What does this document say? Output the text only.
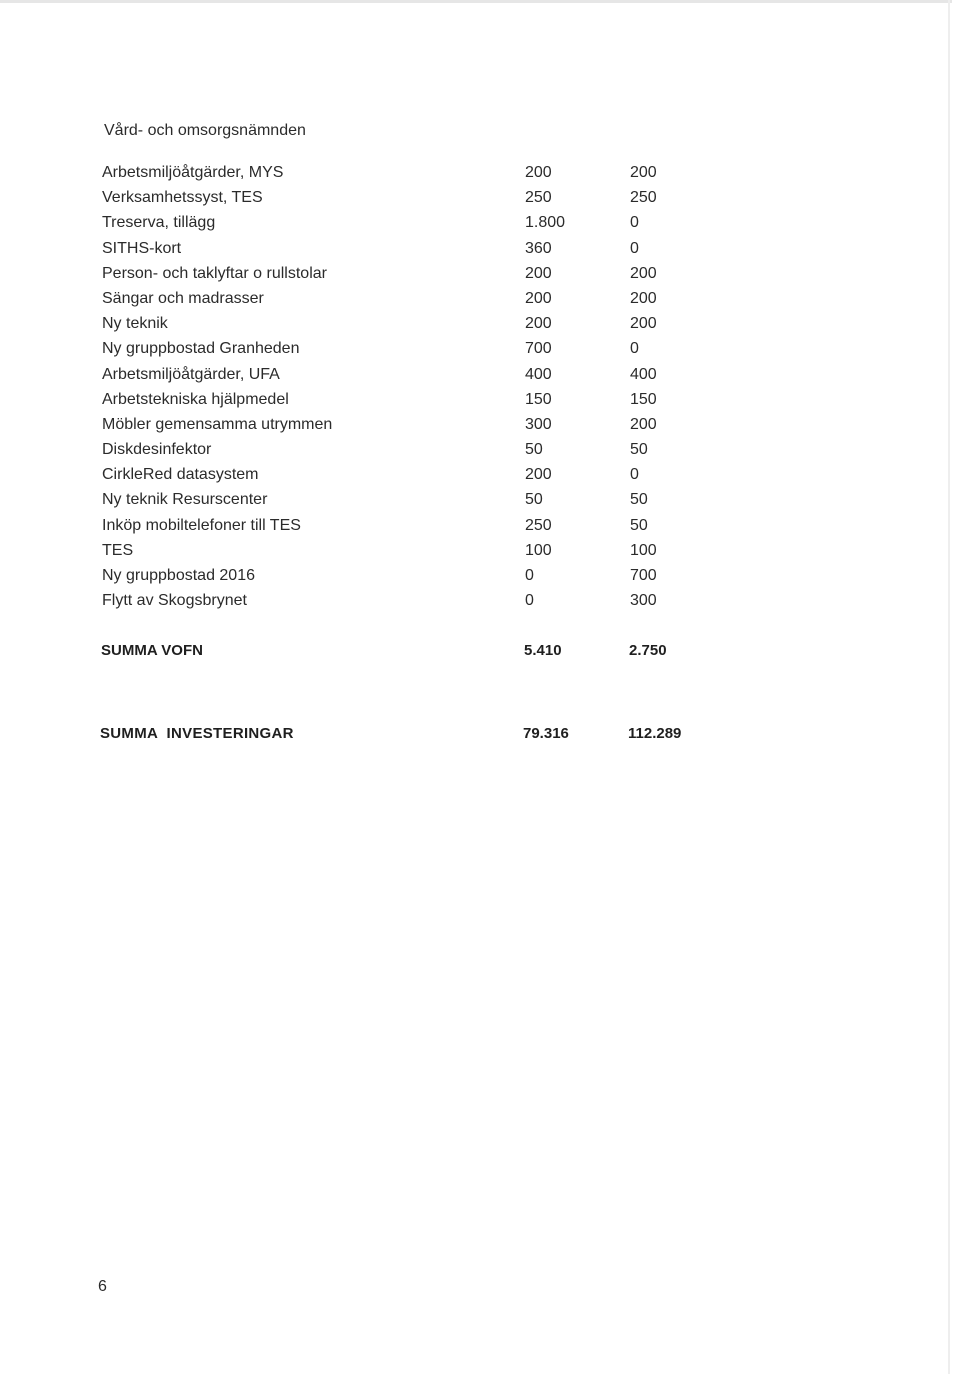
Vård- och omsorgsnämnden
Arbetsmiljöåtgärder, MYS	200	200
Verksamhetssyst, TES	250	250
Treserva, tillägg	1.800	0
SITHS-kort	360	0
Person- och taklyftar o rullstolar	200	200
Sängar och madrasser	200	200
Ny teknik	200	200
Ny gruppbostad Granheden	700	0
Arbetsmiljöåtgärder, UFA	400	400
Arbetstekniska hjälpmedel	150	150
Möbler gemensamma utrymmen	300	200
Diskdesinfektor	50	50
CirkleRed datasystem	200	0
Ny teknik Resurscenter	50	50
Inköp mobiltelefoner till TES	250	50
TES	100	100
Ny gruppbostad 2016	0	700
Flytt av Skogsbrynet	0	300
SUMMA VOFN	5.410	2.750
SUMMA  INVESTERINGAR	79.316	112.289
6
